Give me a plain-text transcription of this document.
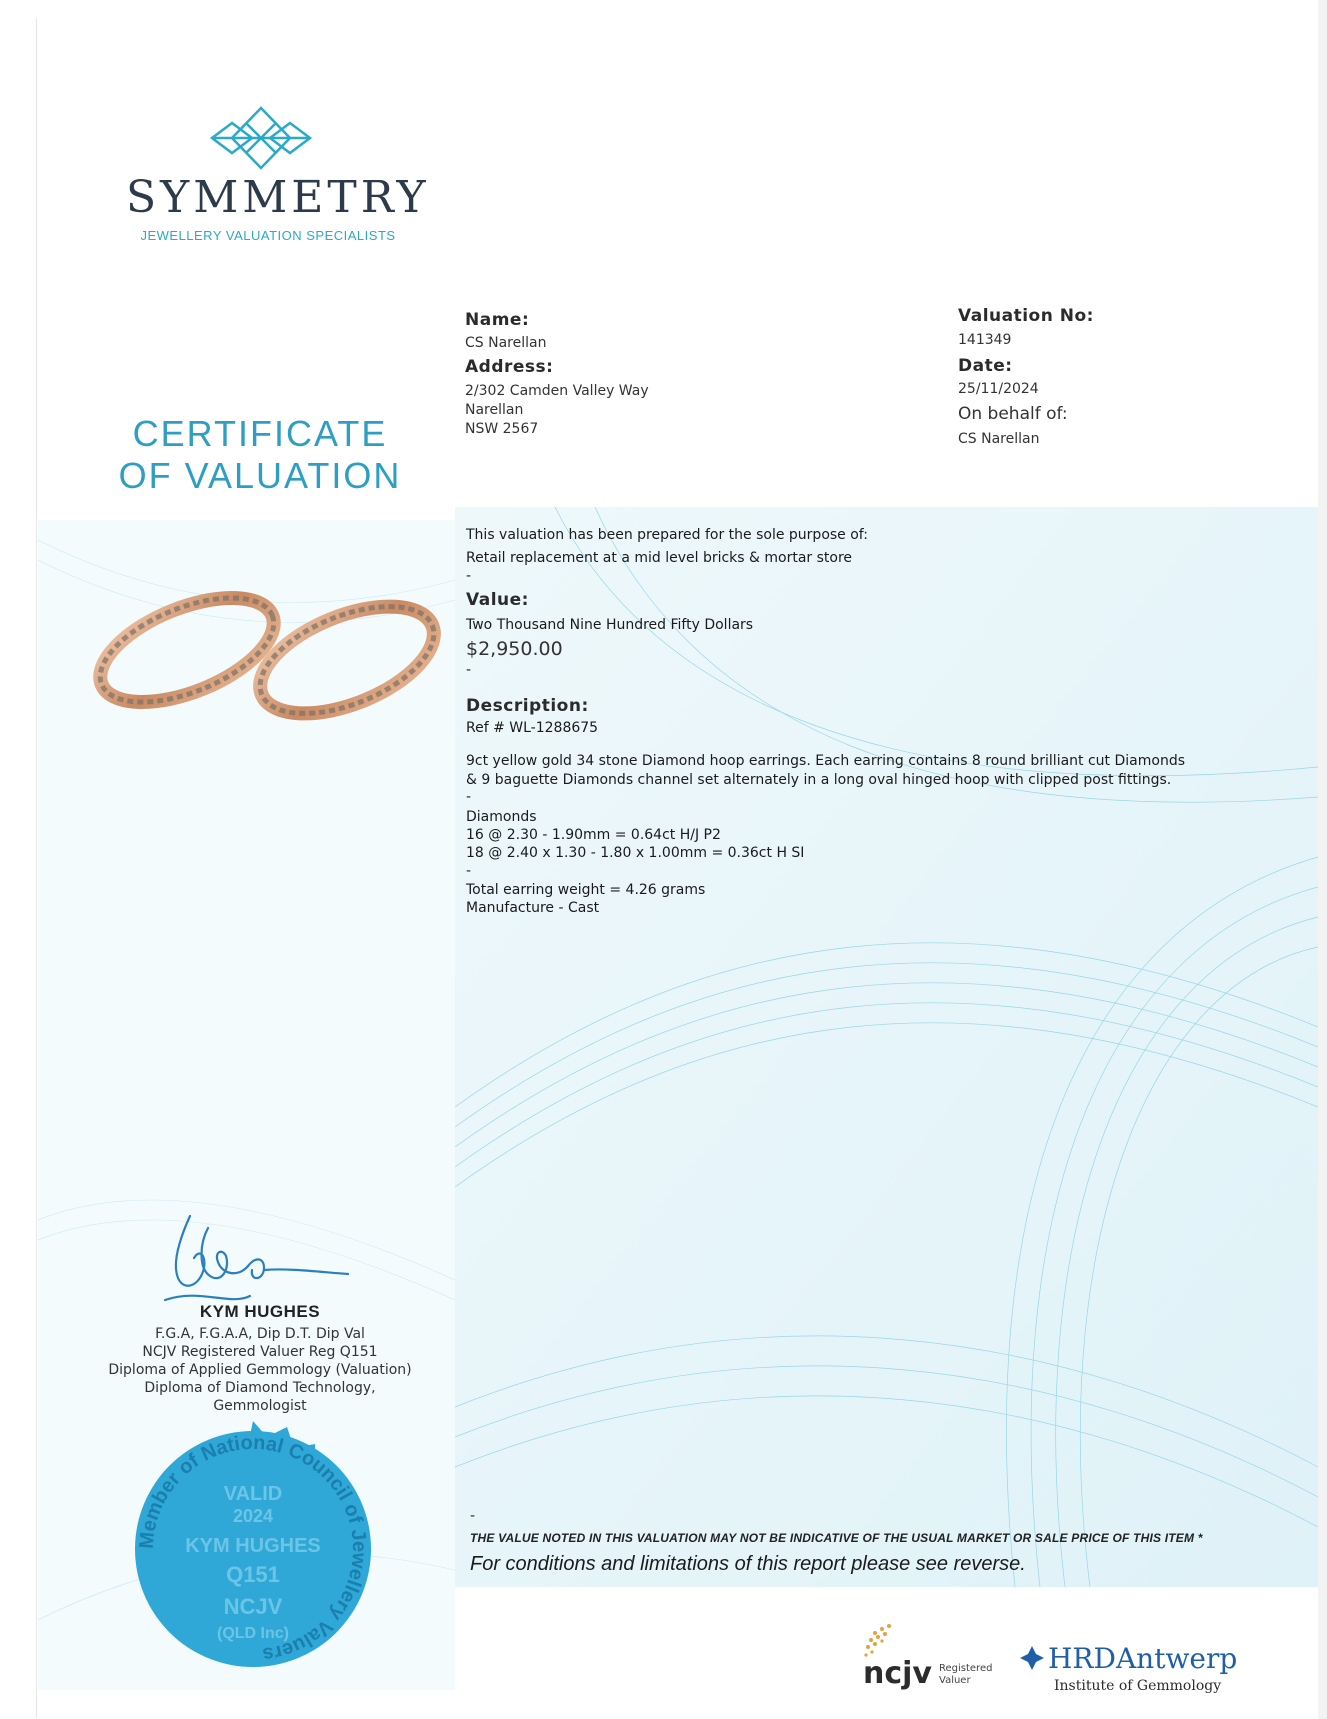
SYMMETRY
JEWELLERY VALUATION SPECIALISTS
CERTIFICATE
OF VALUATION
Name:
CS Narellan
Address:
2/302 Camden Valley Way
Narellan
NSW 2567
Valuation No:
141349
Date:
25/11/2024
On behalf of:
CS Narellan
This valuation has been prepared for the sole purpose of:
Retail replacement at a mid level bricks & mortar store
-
Value:
Two Thousand Nine Hundred Fifty Dollars
$2,950.00
-
Description:
Ref # WL-1288675
9ct yellow gold 34 stone Diamond hoop earrings. Each earring contains 8 round brilliant cut Diamonds
& 9 baguette Diamonds channel set alternately in a long oval hinged hoop with clipped post fittings.
-
Diamonds
16 @ 2.30 - 1.90mm = 0.64ct H/J P2
18 @ 2.40 x 1.30 - 1.80 x 1.00mm = 0.36ct H SI
-
Total earring weight = 4.26 grams
Manufacture - Cast
KYM HUGHES
F.G.A, F.G.A.A, Dip D.T. Dip Val
NCJV Registered Valuer Reg Q151
Diploma of Applied Gemmology (Valuation)
Diploma of Diamond Technology,
Gemmologist
Member of National Council of Jewellery Valuers
VALID
2024
KYM HUGHES
Q151
NCJV
(QLD Inc)
-
THE VALUE NOTED IN THIS VALUATION MAY NOT BE INDICATIVE OF THE USUAL MARKET OR SALE PRICE OF THIS ITEM *
For conditions and limitations of this report please see reverse.
ncjv Registered
Valuer
HRDAntwerp
Institute of Gemmology
